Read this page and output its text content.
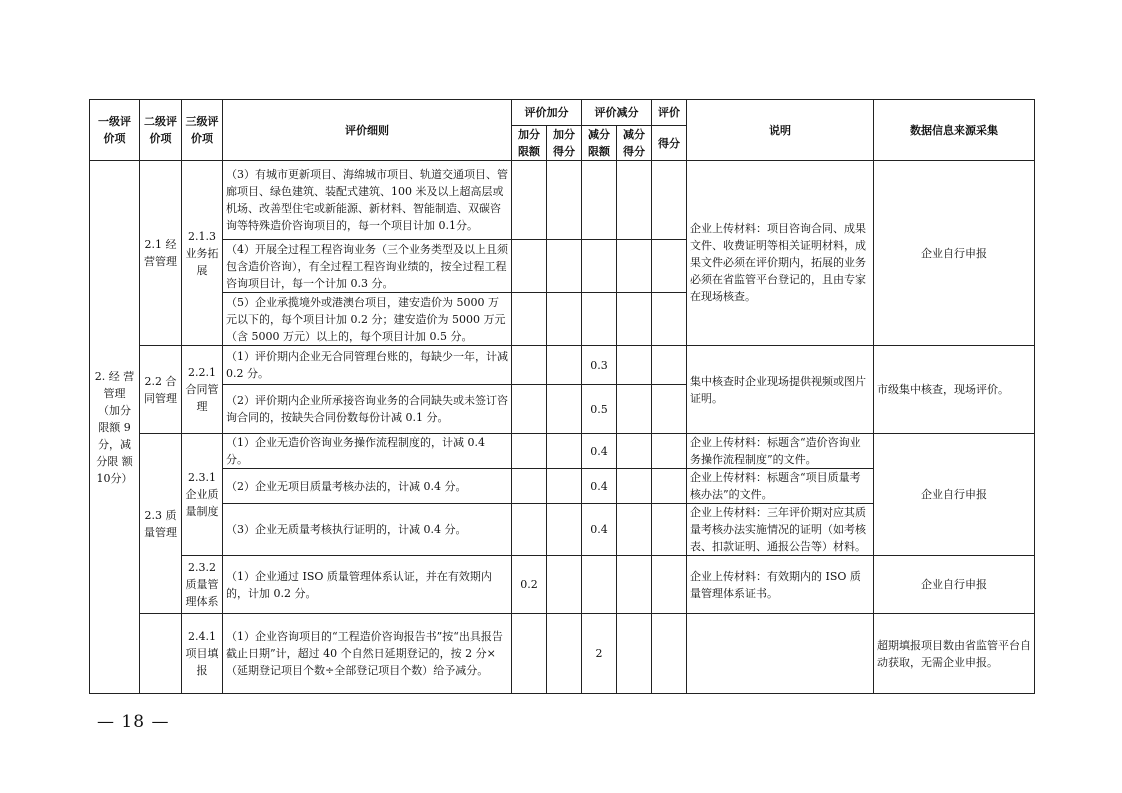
一级评价项	二级评价项	三级评价项	评价细则	评价加分		评价减分		评价	说明	数据信息来源采集
				加分限额	加分得分	减分限额	减分得分	得分		
2. 经 营管理（加分限额 9分，减分限 额 10分）	2.1 经营管理	2.1.3业务拓展	（3）有城市更新项目、海绵城市项目、轨道交通项目、管廊项目、绿色建筑、装配式建筑、100 米及以上超高层或机场、改善型住宅或新能源、新材料、智能制造、双碳咨询等特殊造价咨询项目的，每一个项目计加 0.1分。						企业上传材料：项目咨询合同、成果文件、收费证明等相关证明材料，成果文件必须在评价期内，拓展的业务必须在省监管平台登记的，且由专家在现场核查。	企业自行申报
			（4）开展全过程工程咨询业务（三个业务类型及以上且须包含造价咨询），有全过程工程咨询业绩的，按全过程工程咨询项目计，每一个计加 0.3 分。							
			（5）企业承揽境外或港澳台项目，建安造价为 5000 万元以下的，每个项目计加 0.2 分；建安造价为 5000 万元（含 5000 万元）以上的，每个项目计加 0.5 分。							
	2.2 合同管理	2.2.1合同管理	（1）评价期内企业无合同管理台账的，每缺少一年，计减 0.2 分。			0.3			集中核查时企业现场提供视频或图片证明。	市级集中核查，现场评价。
			（2）评价期内企业所承接咨询业务的合同缺失或未签订咨询合同的，按缺失合同份数每份计减 0.1 分。			0.5				
	2.3 质量管理	2.3.1企业质量制度	（1）企业无造价咨询业务操作流程制度的，计减 0.4 分。			0.4			企业上传材料：标题含“造价咨询业务操作流程制度”的文件。	企业自行申报
			（2）企业无项目质量考核办法的，计减 0.4 分。			0.4			企业上传材料：标题含“项目质量考核办法”的文件。	
			（3）企业无质量考核执行证明的，计减 0.4 分。			0.4			企业上传材料：三年评价期对应其质量考核办法实施情况的证明（如考核表、扣款证明、通报公告等）材料。	
		2.3.2质量管理体系	（1）企业通过 ISO 质量管理体系认证，并在有效期内的，计加 0.2 分。	0.2					企业上传材料：有效期内的 ISO 质量管理体系证书。	企业自行申报
		2.4.1项目填报	（1）企业咨询项目的“工程造价咨询报告书”按“出具报告截止日期”计，超过 40 个自然日延期登记的，按 2 分×（延期登记项目个数÷全部登记项目个数）给予减分。			2				超期填报项目数由省监管平台自动获取，无需企业申报。
— 18 —
